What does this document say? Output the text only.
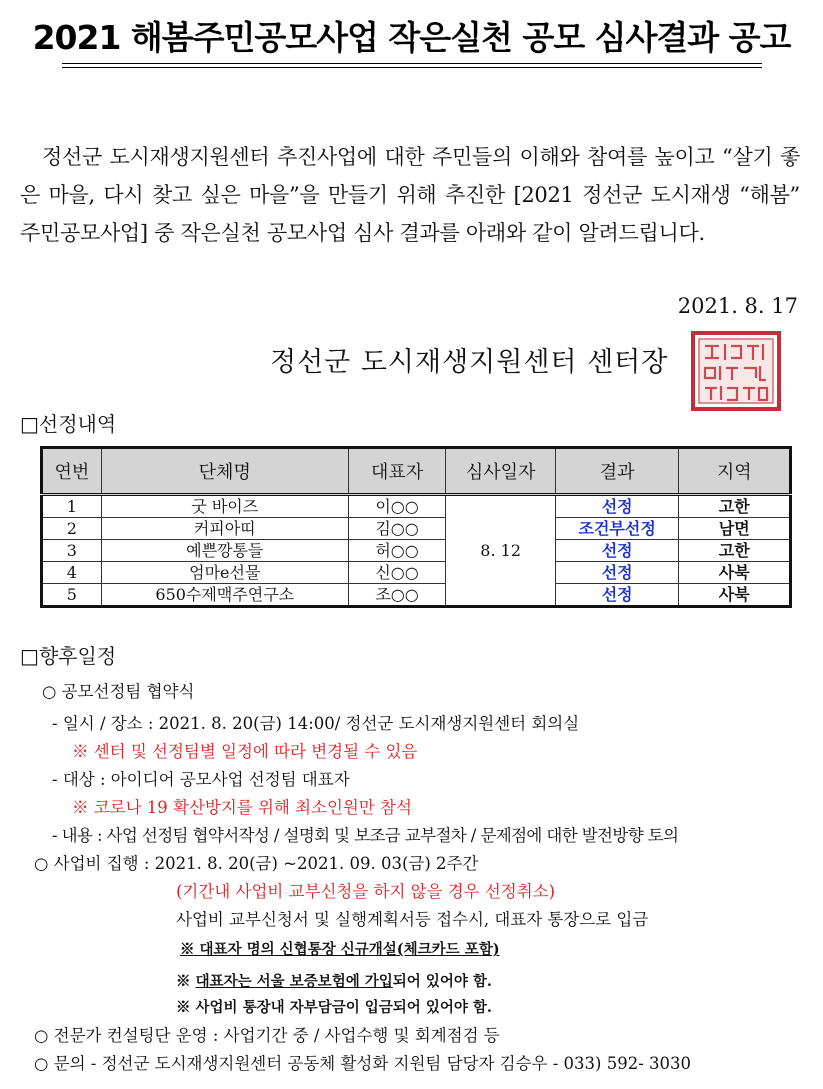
2021 해봄주민공모사업 작은실천 공모 심사결과 공고
정선군 도시재생지원센터 추진사업에 대한 주민들의 이해와 참여를 높이고 “살기 좋은 마을, 다시 찾고 싶은 마을”을 만들기 위해 추진한 [2021 정선군 도시재생 “해봄” 주민공모사업] 중 작은실천 공모사업 심사 결과를 아래와 같이 알려드립니다.
2021. 8. 17
정선군 도시재생지원센터 센터장
□선정내역
연번	단체명	대표자	심사일자	결과	지역
1	굿 바이즈	이○○	8. 12	선정	고한
2	커피아띠	김○○		조건부선정	남면
3	예쁜깡통들	허○○		선정	고한
4	엄마e선물	신○○		선정	사북
5	650수제맥주연구소	조○○		선정	사북
□향후일정
○ 공모선정팀 협약식
- 일시 / 장소 : 2021. 8. 20(금) 14:00/ 정선군 도시재생지원센터 회의실
※ 센터 및 선정팀별 일정에 따라 변경될 수 있음
- 대상 : 아이디어 공모사업 선정팀 대표자
※ 코로나 19 확산방지를 위해 최소인원만 참석
- 내용 : 사업 선정팀 협약서작성 / 설명회 및 보조금 교부절차 / 문제점에 대한 발전방향 토의
○ 사업비 집행 : 2021. 8. 20(금) ~2021. 09. 03(금) 2주간
(기간내 사업비 교부신청을 하지 않을 경우 선정취소)
사업비 교부신청서 및 실행계획서등 접수시, 대표자 통장으로 입금
※ 대표자 명의 신협통장 신규개설(체크카드 포함)
※ 대표자는 서울 보증보험에 가입되어 있어야 함.
※ 사업비 통장내 자부담금이 입금되어 있어야 함.
○ 전문가 컨설팅단 운영 : 사업기간 중 / 사업수행 및 회계점검 등
○ 문의 - 정선군 도시재생지원센터 공동체 활성화 지원팀 담당자 김승우 - 033) 592- 3030
